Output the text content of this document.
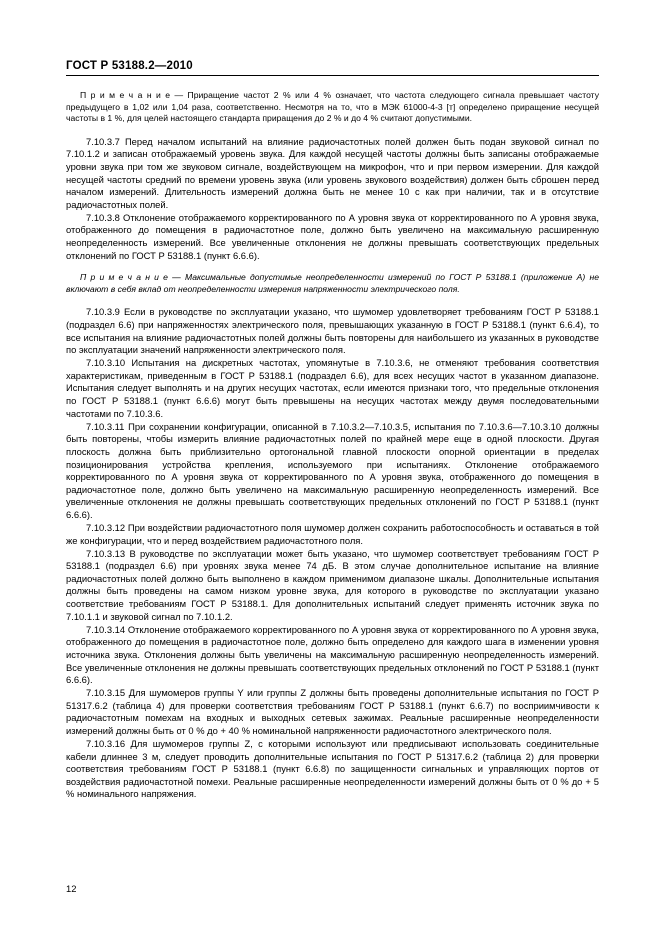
ГОСТ Р 53188.2—2010
П р и м е ч а н и е — Приращение частот 2 % или 4 % означает, что частота следующего сигнала превышает частоту предыдущего в 1,02 или 1,04 раза, соответственно. Несмотря на то, что в МЭК 61000-4-3 [т] определено приращение несущей частоты в 1 %, для целей настоящего стандарта приращения до 2 % и до 4 % считают допустимыми.

7.10.3.7 Перед началом испытаний на влияние радиочастотных полей должен быть подан звуковой сигнал по 7.10.1.2 и записан отображаемый уровень звука. Для каждой несущей частоты должны быть записаны отображаемые уровни звука при том же звуковом сигнале, воздействующем на микрофон, что и при первом измерении. Для каждой несущей частоты средний по времени уровень звука (или уровень звукового воздействия) должен быть сброшен перед началом измерений. Длительность измерений должна быть не менее 10 с как при наличии, так и в отсутствие радиочастотных полей.

7.10.3.8 Отклонение отображаемого корректированного по А уровня звука от корректированного по А уровня звука, отображенного до помещения в радиочастотное поле, должно быть увеличено на максимальную расширенную неопределенность измерений. Все увеличенные отклонения не должны превышать соответствующих предельных отклонений по ГОСТ Р 53188.1 (пункт 6.6.6).

П р и м е ч а н и е — Максимальные допустимые неопределенности измерений по ГОСТ Р 53188.1 (приложение А) не включают в себя вклад от неопределенности измерения напряженности электрического поля.

7.10.3.9 Если в руководстве по эксплуатации указано, что шумомер удовлетворяет требованиям ГОСТ Р 53188.1 (подраздел 6.6) при напряженностях электрического поля, превышающих указанную в ГОСТ Р 53188.1 (пункт 6.6.4), то все испытания на влияние радиочастотных полей должны быть повторены для наибольшего из указанных в руководстве по эксплуатации значений напряженности электрического поля.

7.10.3.10 Испытания на дискретных частотах, упомянутые в 7.10.3.6, не отменяют требования соответствия характеристикам, приведенным в ГОСТ Р 53188.1 (подраздел 6.6), для всех несущих частот в указанном диапазоне. Испытания следует выполнять и на других несущих частотах, если имеются признаки того, что предельные отклонения по ГОСТ Р 53188.1 (пункт 6.6.6) могут быть превышены на несущих частотах между двумя последовательными частотами по 7.10.3.6.

7.10.3.11 При сохранении конфигурации, описанной в 7.10.3.2—7.10.3.5, испытания по 7.10.3.6—7.10.3.10 должны быть повторены, чтобы измерить влияние радиочастотных полей по крайней мере еще в одной плоскости. Другая плоскость должна быть приблизительно ортогональной главной плоскости опорной ориентации в пределах позиционирования устройства крепления, используемого при испытаниях. Отклонение отображаемого корректированного по А уровня звука от корректированного по А уровня звука, отображенного до помещения в радиочастотное поле, должно быть увеличено на максимальную расширенную неопределенность измерений. Все увеличенные отклонения не должны превышать соответствующих предельных отклонений по ГОСТ Р 53188.1 (пункт 6.6.6).

7.10.3.12 При воздействии радиочастотного поля шумомер должен сохранить работоспособность и оставаться в той же конфигурации, что и перед воздействием радиочастотного поля.

7.10.3.13 В руководстве по эксплуатации может быть указано, что шумомер соответствует требованиям ГОСТ Р 53188.1 (подраздел 6.6) при уровнях звука менее 74 дБ. В этом случае дополнительное испытание на влияние радиочастотных полей должно быть выполнено в каждом применимом диапазоне шкалы. Дополнительные испытания должны быть проведены на самом низком уровне звука, для которого в руководстве по эксплуатации указано соответствие требованиям ГОСТ Р 53188.1. Для дополнительных испытаний следует применять источник звука по 7.10.1.1 и звуковой сигнал по 7.10.1.2.

7.10.3.14 Отклонение отображаемого корректированного по А уровня звука от корректированного по А уровня звука, отображенного до помещения в радиочастотное поле, должно быть определено для каждого шага в изменении уровня источника звука. Отклонения должны быть увеличены на максимальную расширенную неопределенность измерений. Все увеличенные отклонения не должны превышать соответствующих предельных отклонений по ГОСТ Р 53188.1 (пункт 6.6.6).

7.10.3.15 Для шумомеров группы Y или группы Z должны быть проведены дополнительные испытания по ГОСТ Р 51317.6.2 (таблица 4) для проверки соответствия требованиям ГОСТ Р 53188.1 (пункт 6.6.7) по восприимчивости к радиочастотным помехам на входных и выходных сетевых зажимах. Реальные расширенные неопределенности измерений должны быть от 0 % до + 40 % номинальной напряженности радиочастотного электрического поля.

7.10.3.16 Для шумомеров группы Z, с которыми используют или предписывают использовать соединительные кабели длиннее 3 м, следует проводить дополнительные испытания по ГОСТ Р 51317.6.2 (таблица 2) для проверки соответствия требованиям ГОСТ Р 53188.1 (пункт 6.6.8) по защищенности сигнальных и управляющих портов от воздействия радиочастотной помехи. Реальные расширенные неопределенности измерений должны быть от 0 % до + 5 % номинального напряжения.

12
